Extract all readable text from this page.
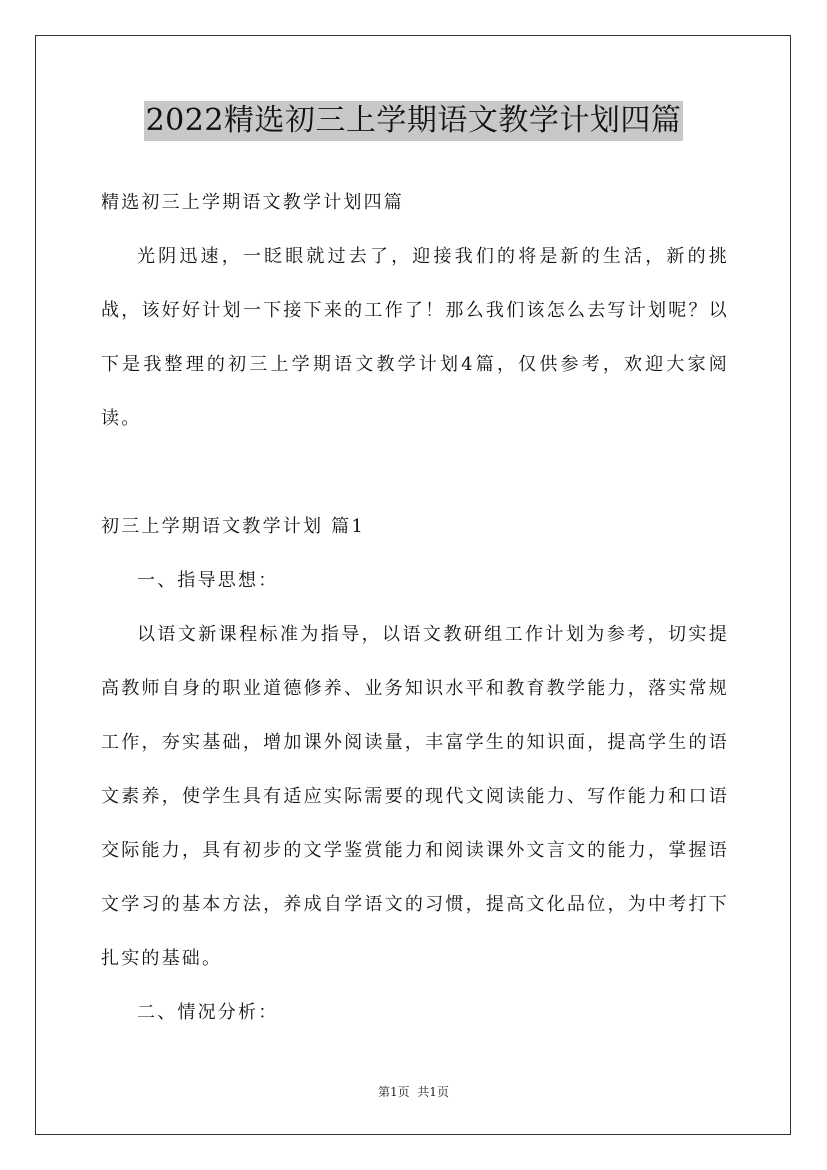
2022精选初三上学期语文教学计划四篇

精选初三上学期语文教学计划四篇

光阴迅速，一眨眼就过去了，迎接我们的将是新的生活，新的挑战，该好好计划一下接下来的工作了！那么我们该怎么去写计划呢？以下是我整理的初三上学期语文教学计划4篇，仅供参考，欢迎大家阅读。

初三上学期语文教学计划 篇1

一、指导思想：

以语文新课程标准为指导，以语文教研组工作计划为参考，切实提高教师自身的职业道德修养、业务知识水平和教育教学能力，落实常规工作，夯实基础，增加课外阅读量，丰富学生的知识面，提高学生的语文素养，使学生具有适应实际需要的现代文阅读能力、写作能力和口语交际能力，具有初步的文学鉴赏能力和阅读课外文言文的能力，掌握语文学习的基本方法，养成自学语文的习惯，提高文化品位，为中考打下扎实的基础。

二、情况分析：

第1页  共1页
